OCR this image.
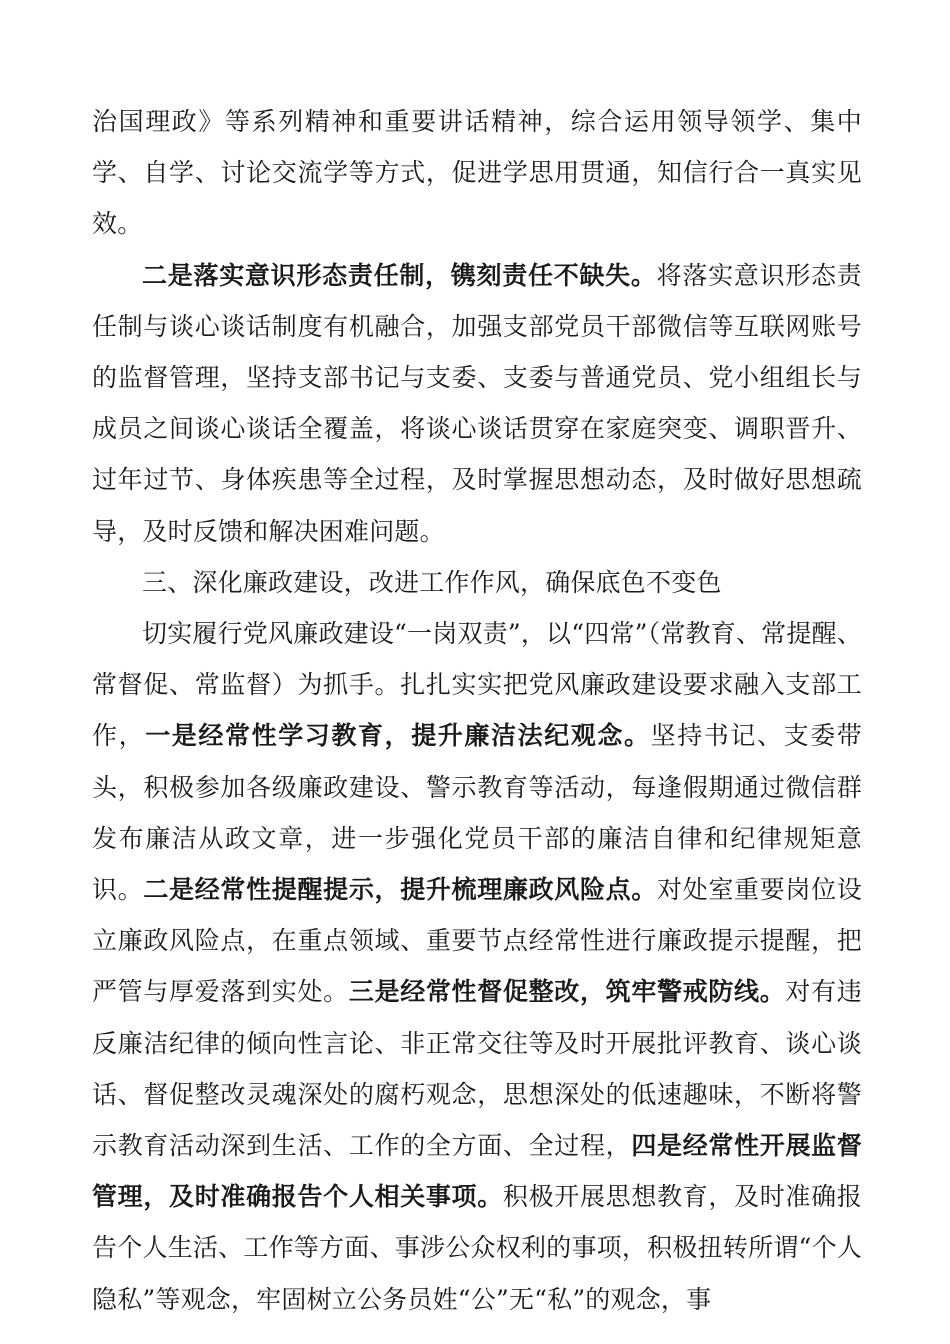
治国理政》等系列精神和重要讲话精神，综合运用领导领学、集中学、自学、讨论交流学等方式，促进学思用贯通，知信行合一真实见效。

二是落实意识形态责任制，镌刻责任不缺失。将落实意识形态责任制与谈心谈话制度有机融合，加强支部党员干部微信等互联网账号的监督管理，坚持支部书记与支委、支委与普通党员、党小组组长与成员之间谈心谈话全覆盖，将谈心谈话贯穿在家庭突变、调职晋升、过年过节、身体疾患等全过程，及时掌握思想动态，及时做好思想疏导，及时反馈和解决困难问题。

三、深化廉政建设，改进工作作风，确保底色不变色

切实履行党风廉政建设“一岗双责”，以“四常”（常教育、常提醒、常督促、常监督）为抓手。扎扎实实把党风廉政建设要求融入支部工作，一是经常性学习教育，提升廉洁法纪观念。坚持书记、支委带头，积极参加各级廉政建设、警示教育等活动，每逢假期通过微信群发布廉洁从政文章，进一步强化党员干部的廉洁自律和纪律规矩意识。二是经常性提醒提示，提升梳理廉政风险点。对处室重要岗位设立廉政风险点，在重点领域、重要节点经常性进行廉政提示提醒，把严管与厚爱落到实处。三是经常性督促整改，筑牢警戒防线。对有违反廉洁纪律的倾向性言论、非正常交往等及时开展批评教育、谈心谈话、督促整改灵魂深处的腐朽观念，思想深处的低速趣味，不断将警示教育活动深到生活、工作的全方面、全过程，四是经常性开展监督管理，及时准确报告个人相关事项。积极开展思想教育，及时准确报告个人生活、工作等方面、事涉公众权利的事项，积极扭转所谓“个人隐私”等观念，牢固树立公务员姓“公”无“私”的观念，事
